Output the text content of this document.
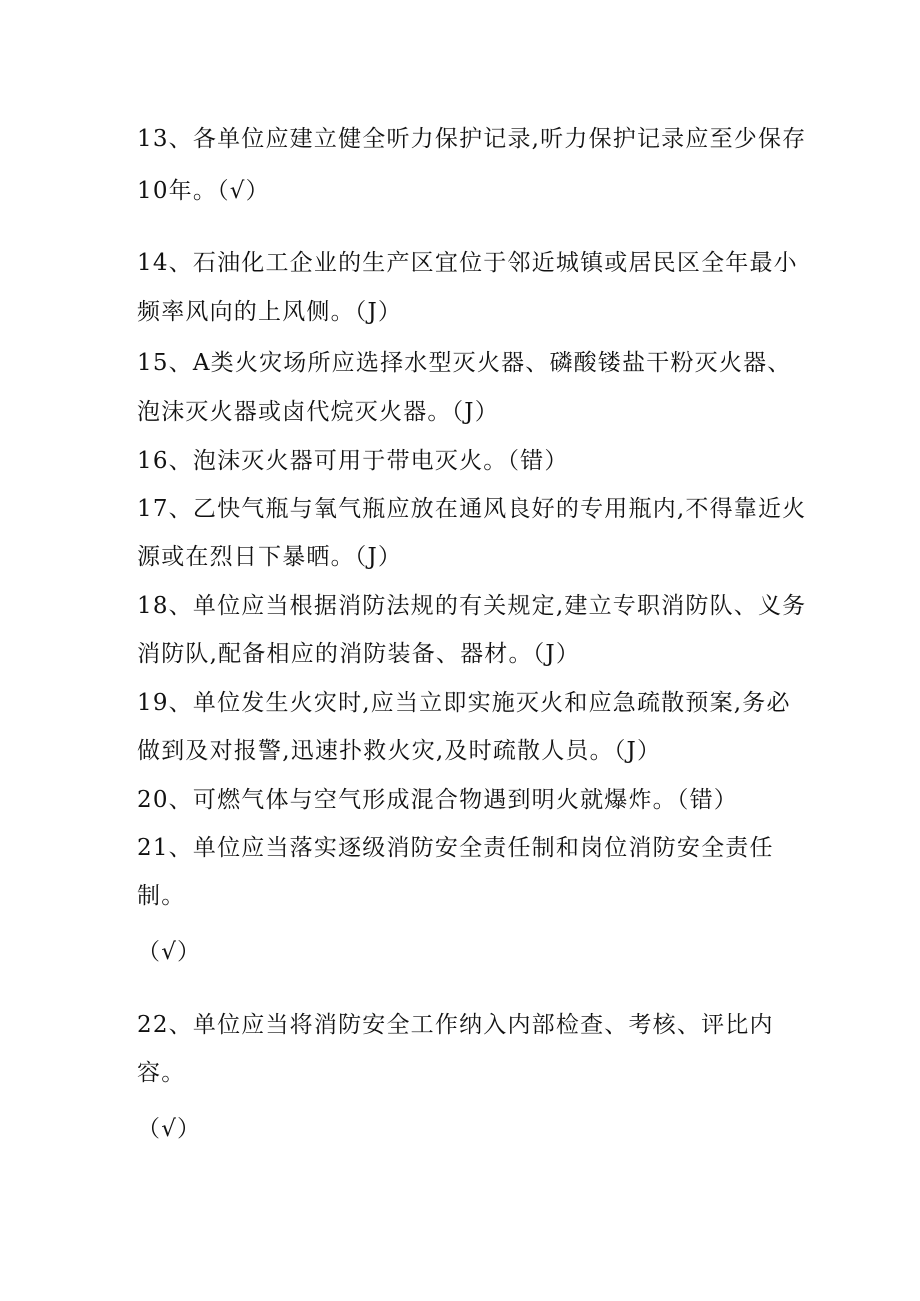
13、各单位应建立健全听力保护记录,听力保护记录应至少保存
10年。（√）
14、石油化工企业的生产区宜位于邻近城镇或居民区全年最小
频率风向的上风侧。（J）
15、A类火灾场所应选择水型灭火器、磷酸镂盐干粉灭火器、
泡沫灭火器或卤代烷灭火器。（J）
16、泡沫灭火器可用于带电灭火。（错）
17、乙快气瓶与氧气瓶应放在通风良好的专用瓶内,不得靠近火
源或在烈日下暴晒。（J）
18、单位应当根据消防法规的有关规定,建立专职消防队、义务
消防队,配备相应的消防装备、器材。（J）
19、单位发生火灾时,应当立即实施灭火和应急疏散预案,务必
做到及对报警,迅速扑救火灾,及时疏散人员。（J）
20、可燃气体与空气形成混合物遇到明火就爆炸。（错）
21、单位应当落实逐级消防安全责任制和岗位消防安全责任
制。
（√）
22、单位应当将消防安全工作纳入内部检查、考核、评比内
容。
（√）
